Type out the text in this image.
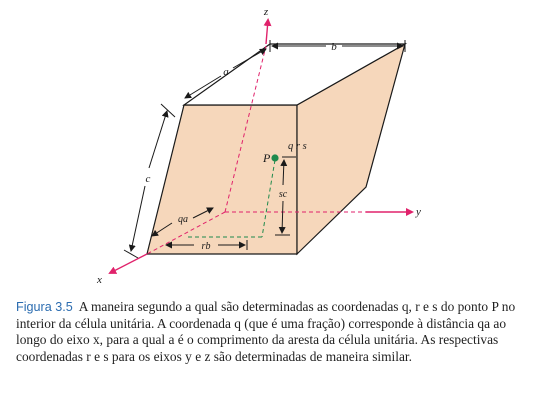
z
y
x
b
a
c
P
q r s
sc
qa
rb
Figura 3.5 A maneira segundo a qual são determinadas as coordenadas q, r e s do ponto P no interior da célula unitária. A coordenada q (que é uma fração) corresponde à distância qa ao longo do eixo x, para a qual a é o comprimento da aresta da célula unitária. As respectivas coordenadas r e s para os eixos y e z são determinadas de maneira similar.
